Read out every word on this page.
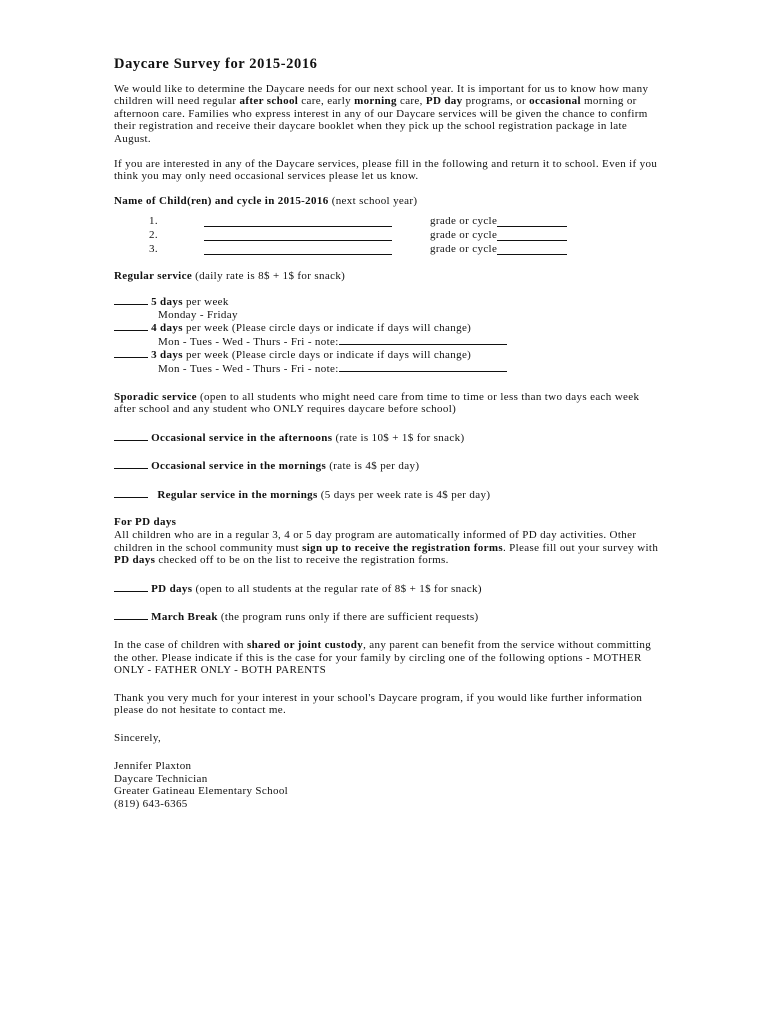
Daycare Survey for 2015-2016

We would like to determine the Daycare needs for our next school year. It is important for us to know how many children will need regular after school care, early morning care, PD day programs, or occasional morning or afternoon care. Families who express interest in any of our Daycare services will be given the chance to confirm their registration and receive their daycare booklet when they pick up the school registration package in late August.

If you are interested in any of the Daycare services, please fill in the following and return it to school. Even if you think you may only need occasional services please let us know.

Name of Child(ren) and cycle in 2015-2016 (next school year)

1.	grade or cycle
2.	grade or cycle
3.	grade or cycle

Regular service (daily rate is 8$ + 1$ for snack)

5 days per week

Monday - Friday

4 days per week (Please circle days or indicate if days will change)

Mon - Tues - Wed - Thurs - Fri - note:

3 days per week (Please circle days or indicate if days will change)

Mon - Tues - Wed - Thurs - Fri - note:

Sporadic service (open to all students who might need care from time to time or less than two days each week after school and any student who ONLY requires daycare before school)

Occasional service in the afternoons (rate is 10$ + 1$ for snack)

Occasional service in the mornings (rate is 4$ per day)

Regular service in the mornings (5 days per week rate is 4$ per day)

For PD days

All children who are in a regular 3, 4 or 5 day program are automatically informed of PD day activities. Other children in the school community must sign up to receive the registration forms. Please fill out your survey with PD days checked off to be on the list to receive the registration forms.

PD days (open to all students at the regular rate of 8$ + 1$ for snack)

March Break (the program runs only if there are sufficient requests)

In the case of children with shared or joint custody, any parent can benefit from the service without committing the other. Please indicate if this is the case for your family by circling one of the following options - MOTHER ONLY - FATHER ONLY - BOTH PARENTS

Thank you very much for your interest in your school's Daycare program, if you would like further information please do not hesitate to contact me.

Sincerely,

Jennifer Plaxton

Daycare Technician

Greater Gatineau Elementary School

(819) 643-6365
